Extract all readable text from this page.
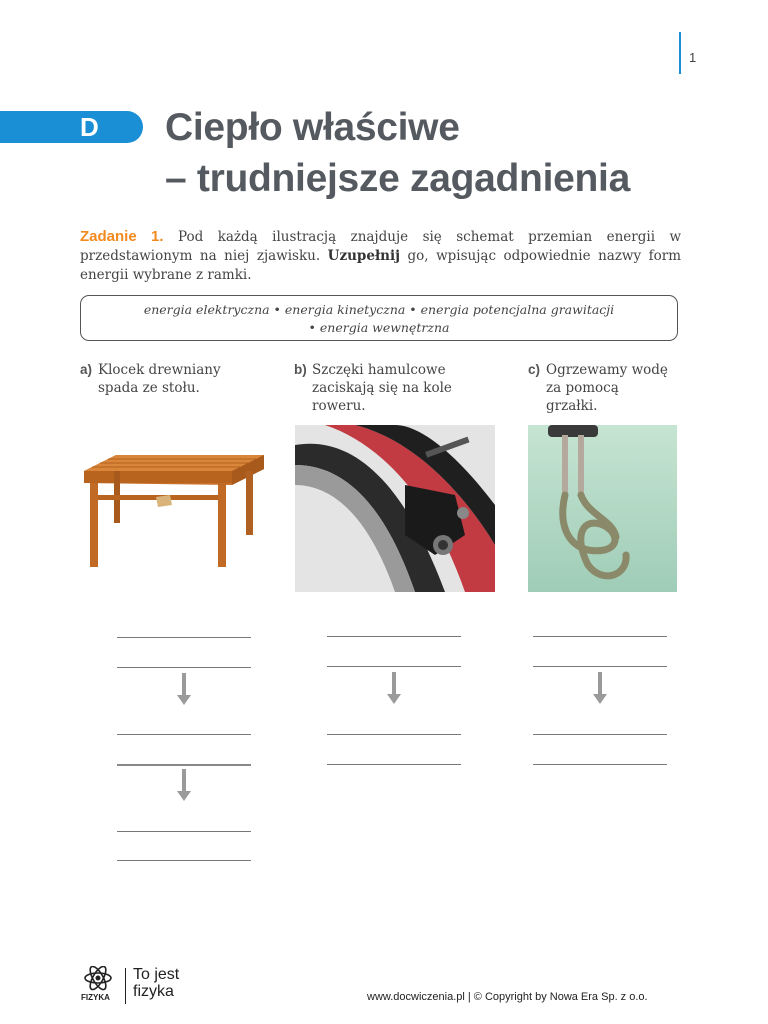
1
D Ciepło właściwe
– trudniejsze zagadnienia
Zadanie 1. Pod każdą ilustracją znajduje się schemat przemian energii w przedstawionym na niej zjawisku. Uzupełnij go, wpisując odpowiednie nazwy form energii wybrane z ramki.
energia elektryczna • energia kinetyczna • energia potencjalna grawitacji
• energia wewnętrzna
a) Klocek drewniany
spada ze stołu.
b) Szczęki hamulcowe
zaciskają się na kole
roweru.
c) Ogrzewamy wodę
za pomocą
grzałki.
FIZYKA
To jest
fizyka	www.docwiczenia.pl | © Copyright by Nowa Era Sp. z o.o.
